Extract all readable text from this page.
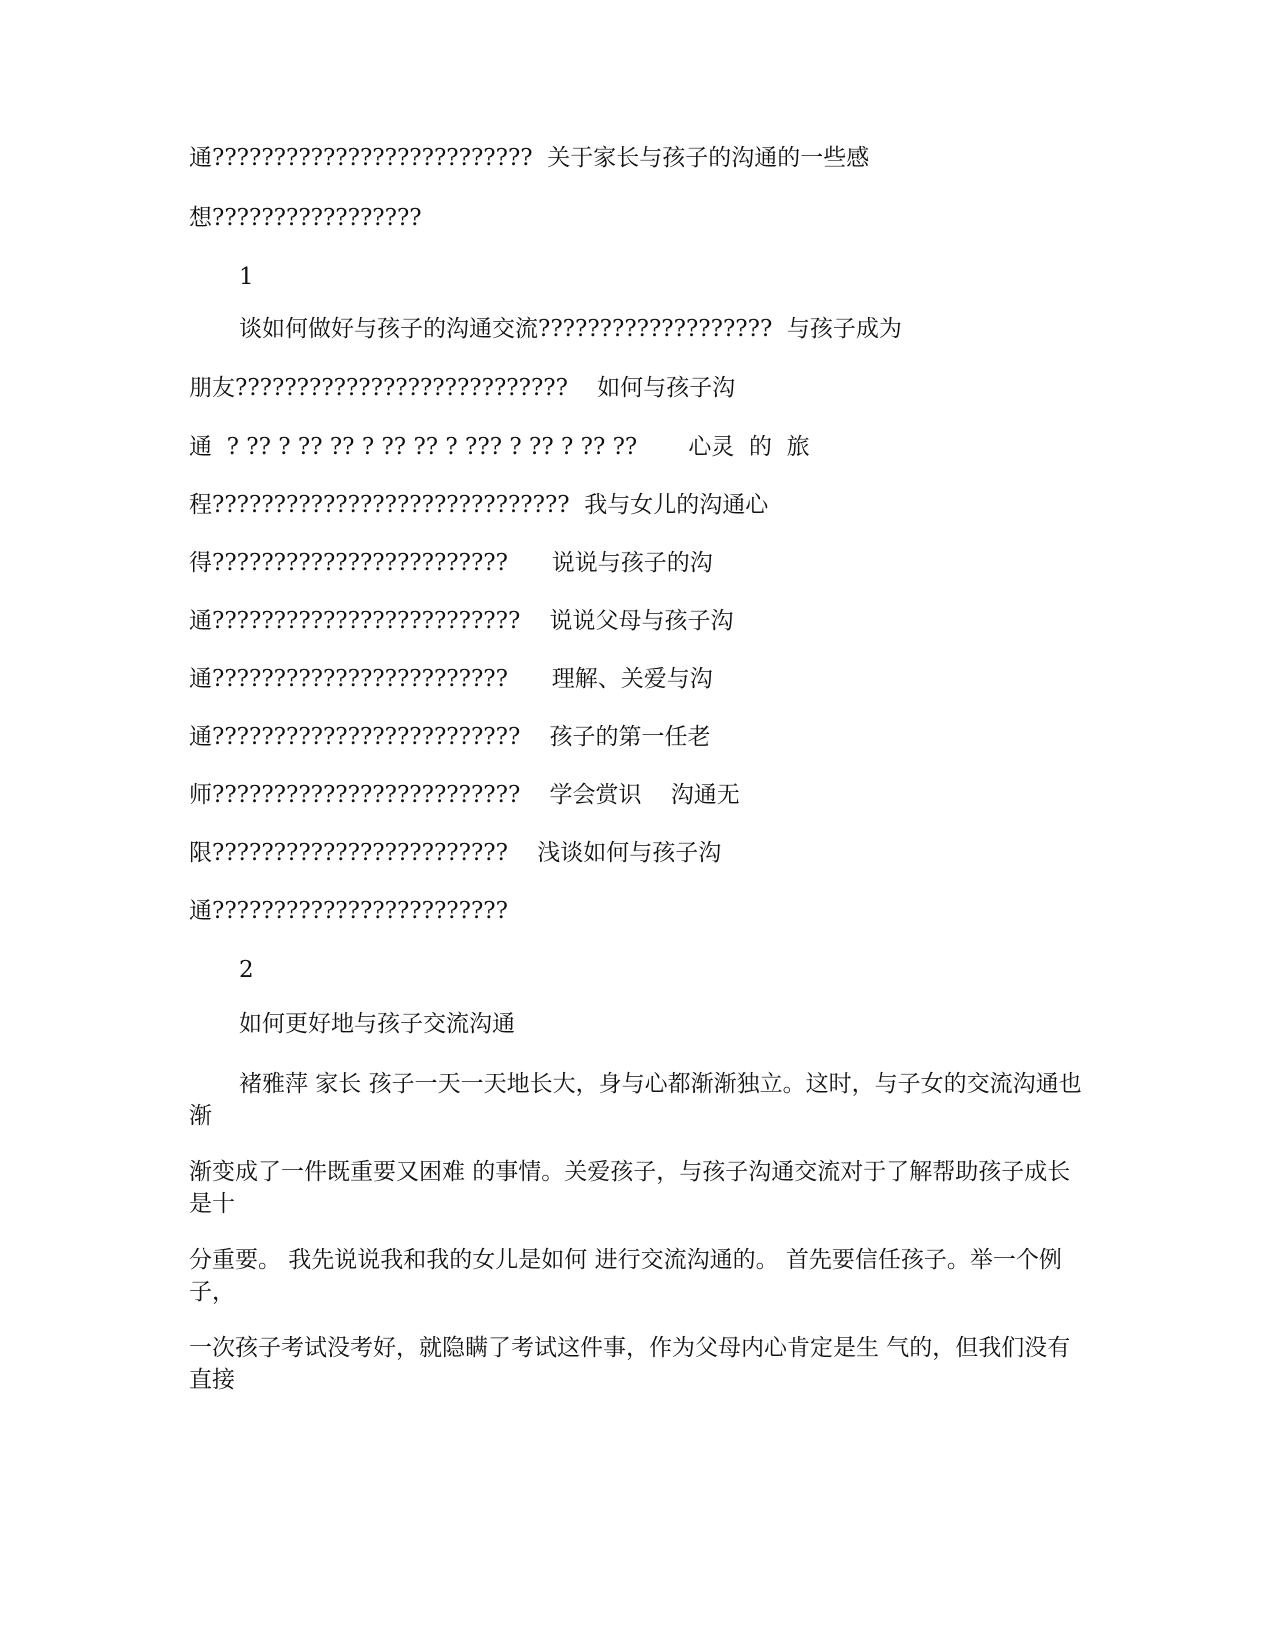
通??????????????????????????  关于家长与孩子的沟通的一些感

想?????????????????

1

谈如何做好与孩子的沟通交流???????????????????  与孩子成为

朋友???????????????????????????    如何与孩子沟

通  ? ?? ? ?? ?? ? ?? ?? ? ??? ? ?? ? ?? ??       心灵  的  旅

程?????????????????????????????  我与女儿的沟通心

得????????????????????????      说说与孩子的沟

通?????????????????????????    说说父母与孩子沟

通????????????????????????      理解、关爱与沟

通?????????????????????????    孩子的第一任老

师?????????????????????????    学会赏识    沟通无

限????????????????????????    浅谈如何与孩子沟

通????????????????????????

2

如何更好地与孩子交流沟通

褚雅萍 家长 孩子一天一天地长大，身与心都渐渐独立。这时，与子女的交流沟通也渐

渐变成了一件既重要又困难 的事情。关爱孩子，与孩子沟通交流对于了解帮助孩子成长是十

分重要。 我先说说我和我的女儿是如何 进行交流沟通的。 首先要信任孩子。举一个例子，

一次孩子考试没考好，就隐瞒了考试这件事，作为父母内心肯定是生 气的，但我们没有直接
